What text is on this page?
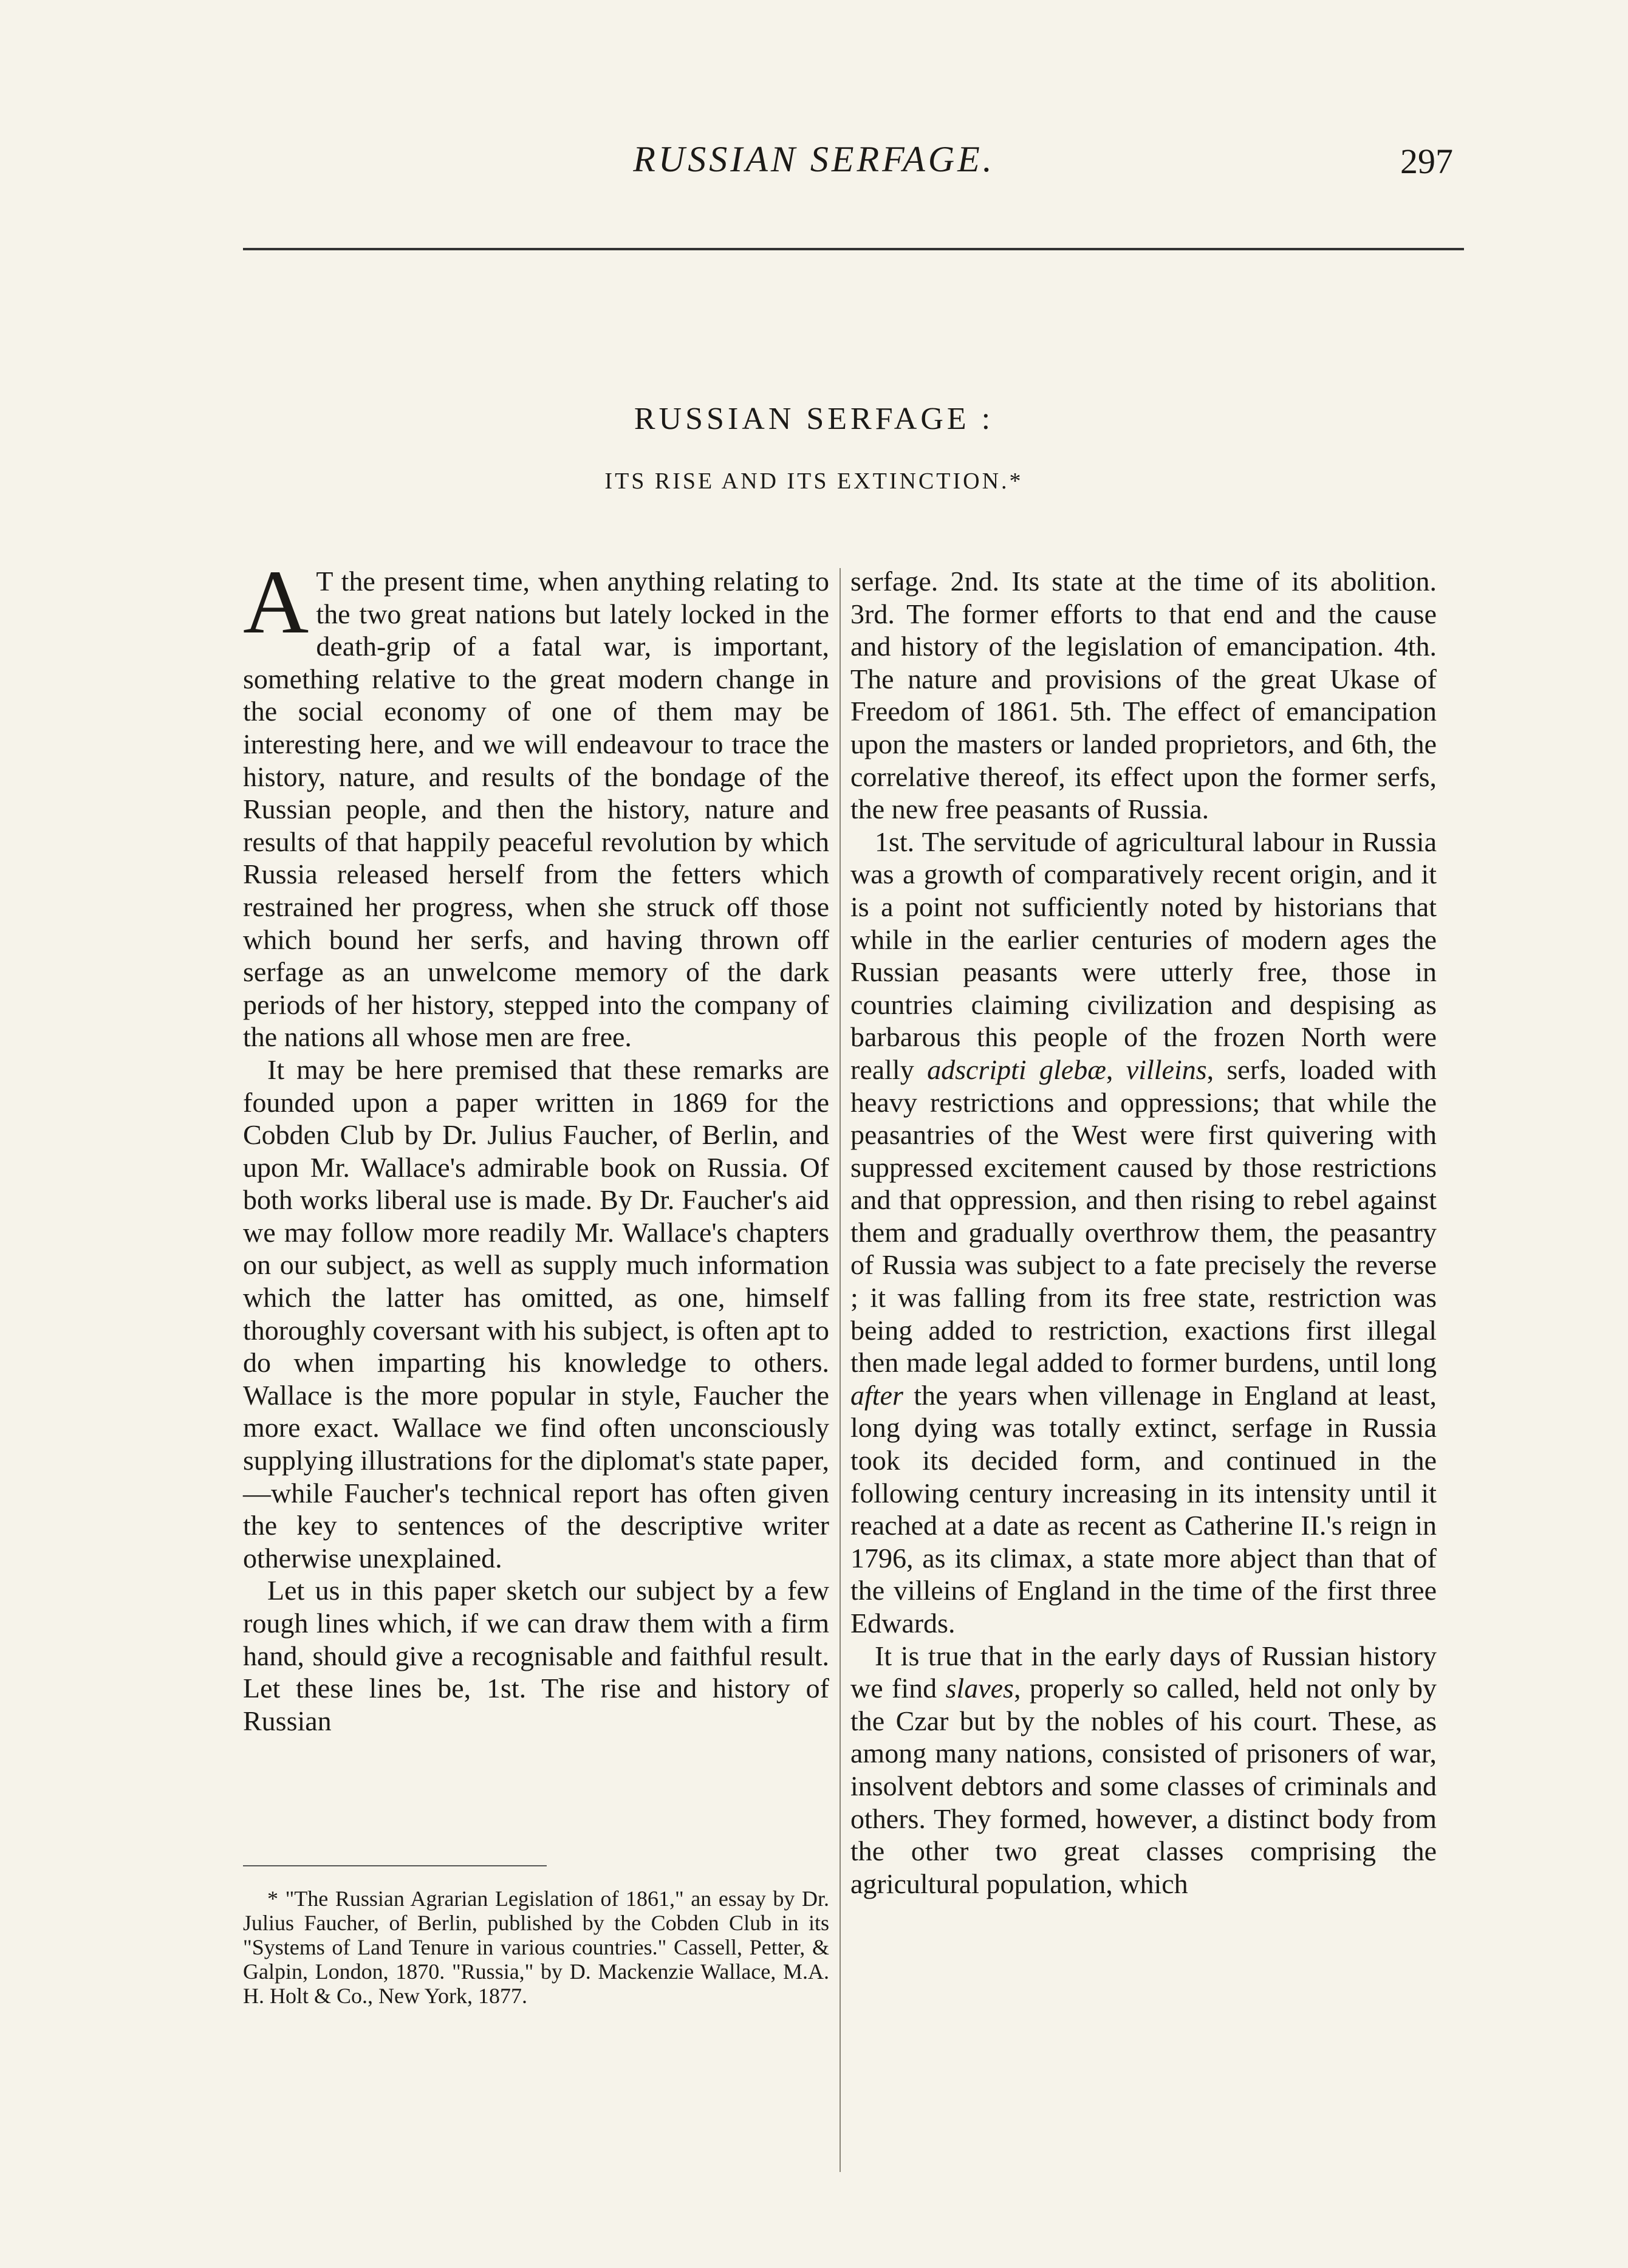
RUSSIAN SERFAGE.	297
RUSSIAN SERFAGE :
ITS RISE AND ITS EXTINCTION.*

A T the present time, when anything relating to the two great nations but lately locked in the death-grip of a fatal war, is important, something relative to the great modern change in the social economy of one of them may be interesting here, and we will endeavour to trace the history, nature, and results of the bondage of the Russian people, and then the history, nature and results of that happily peaceful revolution by which Russia released herself from the fetters which restrained her progress, when she struck off those which bound her serfs, and having thrown off serfage as an unwelcome memory of the dark periods of her history, stepped into the company of the nations all whose men are free.

It may be here premised that these remarks are founded upon a paper written in 1869 for the Cobden Club by Dr. Julius Faucher, of Berlin, and upon Mr. Wallace's admirable book on Russia. Of both works liberal use is made. By Dr. Faucher's aid we may follow more readily Mr. Wallace's chapters on our subject, as well as supply much information which the latter has omitted, as one, himself thoroughly coversant with his subject, is often apt to do when imparting his knowledge to others. Wallace is the more popular in style, Faucher the more exact. Wallace we find often unconsciously supplying illustrations for the diplomat's state paper,—while Faucher's technical report has often given the key to sentences of the descriptive writer otherwise unexplained.

Let us in this paper sketch our subject by a few rough lines which, if we can draw them with a firm hand, should give a recognisable and faithful result. Let these lines be, 1st. The rise and history of Russian

serfage. 2nd. Its state at the time of its abolition. 3rd. The former efforts to that end and the cause and history of the legislation of emancipation. 4th. The nature and provisions of the great Ukase of Freedom of 1861. 5th. The effect of emancipation upon the masters or landed proprietors, and 6th, the correlative thereof, its effect upon the former serfs, the new free peasants of Russia.

1st. The servitude of agricultural labour in Russia was a growth of comparatively recent origin, and it is a point not sufficiently noted by historians that while in the earlier centuries of modern ages the Russian peasants were utterly free, those in countries claiming civilization and despising as barbarous this people of the frozen North were really adscripti glebæ, villeins, serfs, loaded with heavy restrictions and oppressions; that while the peasantries of the West were first quivering with suppressed excitement caused by those restrictions and that oppression, and then rising to rebel against them and gradually overthrow them, the peasantry of Russia was subject to a fate precisely the reverse ; it was falling from its free state, restriction was being added to restriction, exactions first illegal then made legal added to former burdens, until long after the years when villenage in England at least, long dying was totally extinct, serfage in Russia took its decided form, and continued in the following century increasing in its intensity until it reached at a date as recent as Catherine II.'s reign in 1796, as its climax, a state more abject than that of the villeins of England in the time of the first three Edwards.

It is true that in the early days of Russian history we find slaves, properly so called, held not only by the Czar but by the nobles of his court. These, as among many nations, consisted of prisoners of war, insolvent debtors and some classes of criminals and others. They formed, however, a distinct body from the other two great classes comprising the agricultural population, which

* "The Russian Agrarian Legislation of 1861," an essay by Dr. Julius Faucher, of Berlin, published by the Cobden Club in its "Systems of Land Tenure in various countries." Cassell, Petter, & Galpin, London, 1870. "Russia," by D. Mackenzie Wallace, M.A. H. Holt & Co., New York, 1877.
